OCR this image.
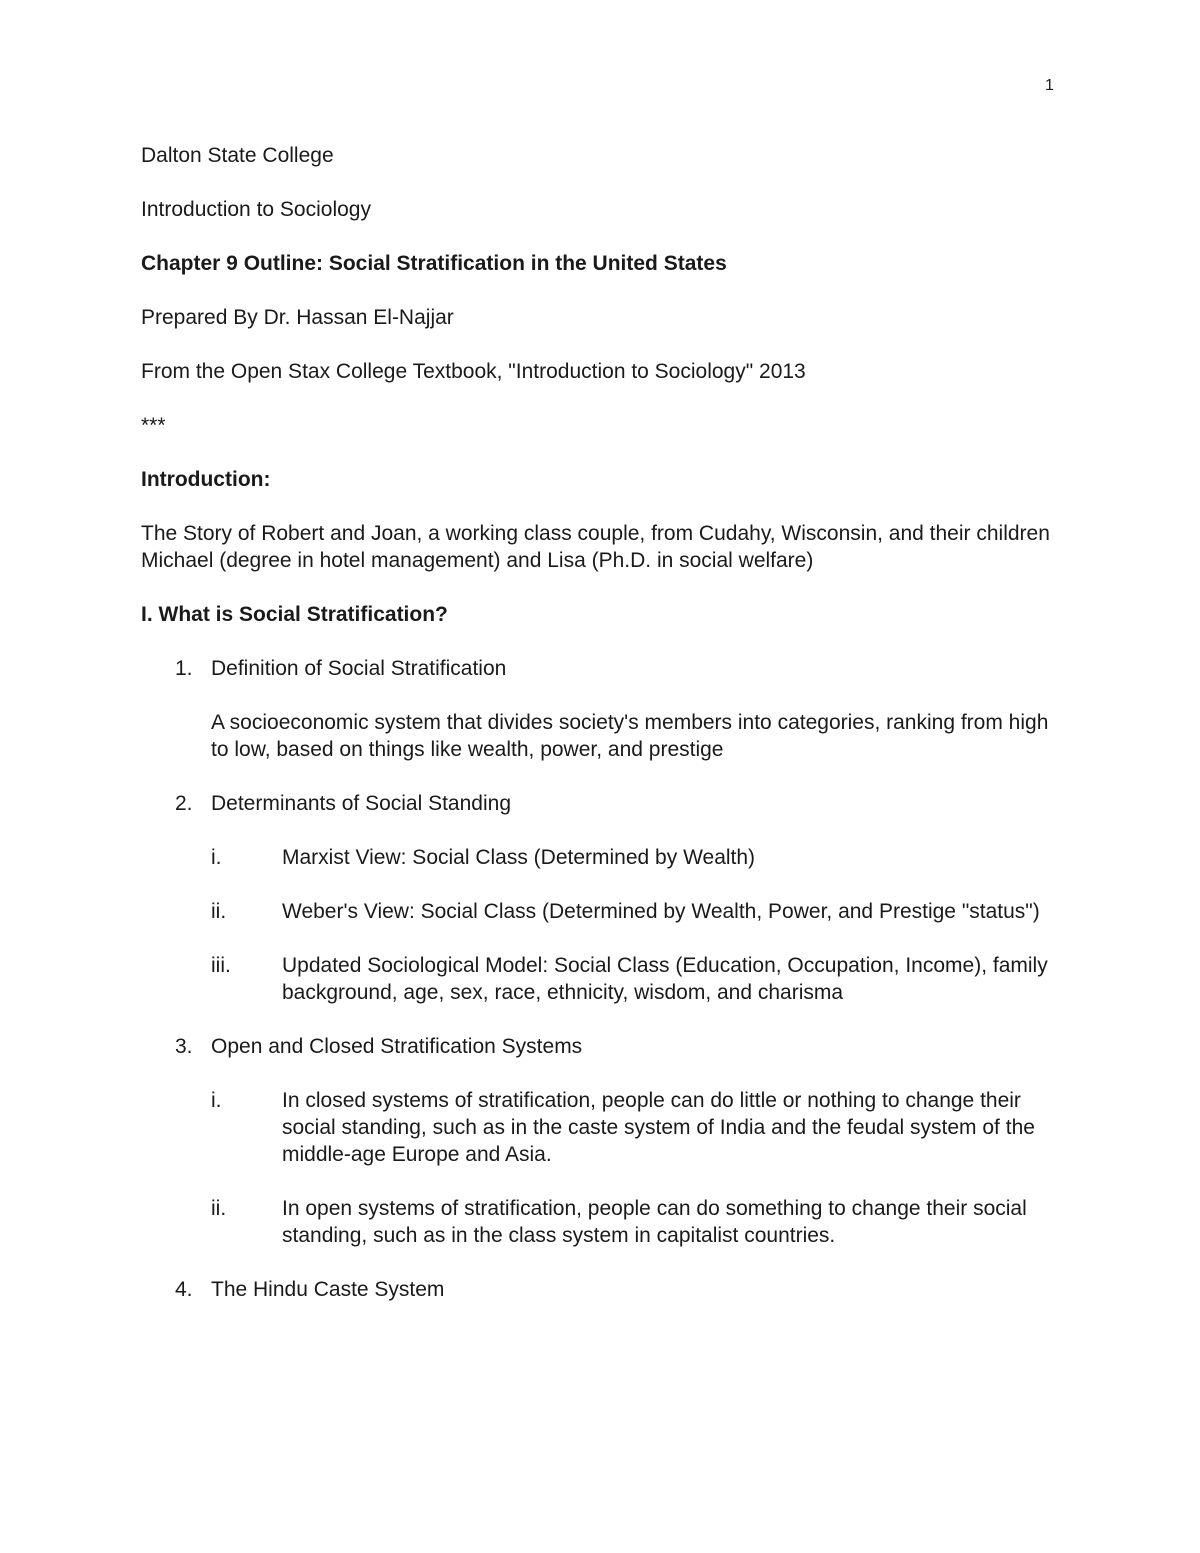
1

Dalton State College

Introduction to Sociology

Chapter 9 Outline: Social Stratification in the United States

Prepared By Dr. Hassan El-Najjar

From the Open Stax College Textbook, "Introduction to Sociology" 2013

***

Introduction:

The Story of Robert and Joan, a working class couple, from Cudahy, Wisconsin, and their children Michael (degree in hotel management) and Lisa (Ph.D. in social welfare)

I. What is Social Stratification?

1. Definition of Social Stratification
A socioeconomic system that divides society's members into categories, ranking from high to low, based on things like wealth, power, and prestige
2. Determinants of Social Standing
i.	Marxist View: Social Class (Determined by Wealth)
ii.	Weber's View: Social Class (Determined by Wealth, Power, and Prestige "status")
iii. Updated Sociological Model: Social Class (Education, Occupation, Income), family background, age, sex, race, ethnicity, wisdom, and charisma
3. Open and Closed Stratification Systems
i.	In closed systems of stratification, people can do little or nothing to change their social standing, such as in the caste system of India and the feudal system of the middle-age Europe and Asia.
ii.	In open systems of stratification, people can do something to change their social standing, such as in the class system in capitalist countries.
4. The Hindu Caste System
